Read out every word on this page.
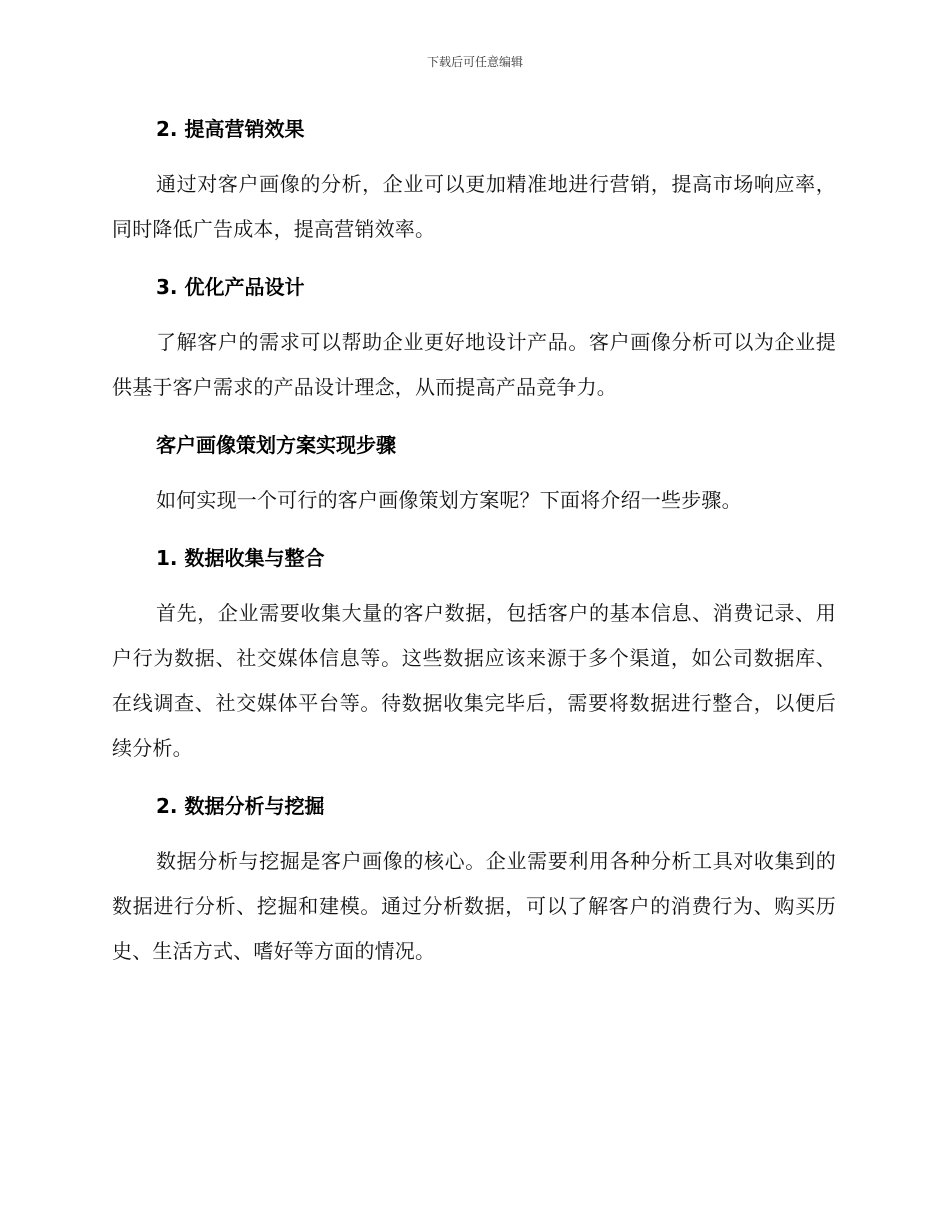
下载后可任意编辑
2. 提高营销效果

通过对客户画像的分析，企业可以更加精准地进行营销，提高市场响应率，同时降低广告成本，提高营销效率。

3. 优化产品设计

了解客户的需求可以帮助企业更好地设计产品。客户画像分析可以为企业提供基于客户需求的产品设计理念，从而提高产品竞争力。

客户画像策划方案实现步骤

如何实现一个可行的客户画像策划方案呢？下面将介绍一些步骤。

1. 数据收集与整合

首先，企业需要收集大量的客户数据，包括客户的基本信息、消费记录、用户行为数据、社交媒体信息等。这些数据应该来源于多个渠道，如公司数据库、在线调查、社交媒体平台等。待数据收集完毕后，需要将数据进行整合，以便后续分析。

2. 数据分析与挖掘

数据分析与挖掘是客户画像的核心。企业需要利用各种分析工具对收集到的数据进行分析、挖掘和建模。通过分析数据，可以了解客户的消费行为、购买历史、生活方式、嗜好等方面的情况。
